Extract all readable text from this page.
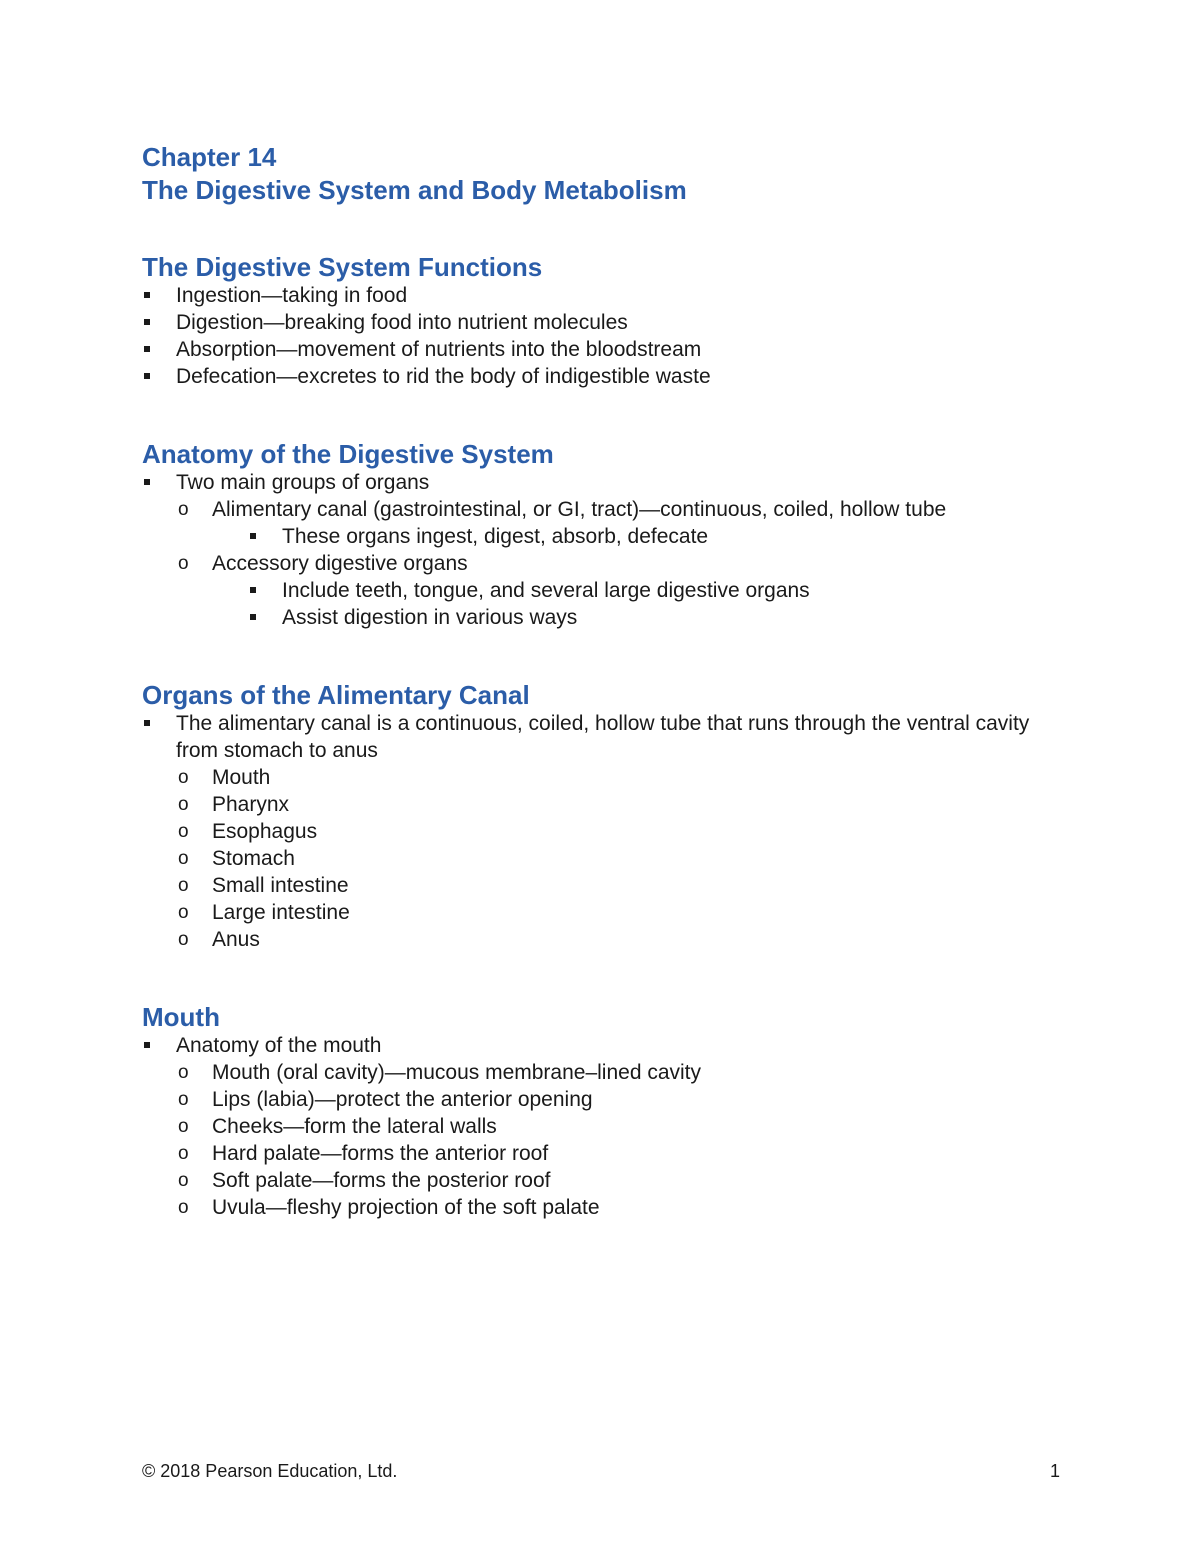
Chapter 14
The Digestive System and Body Metabolism
The Digestive System Functions
Ingestion—taking in food
Digestion—breaking food into nutrient molecules
Absorption—movement of nutrients into the bloodstream
Defecation—excretes to rid the body of indigestible waste
Anatomy of the Digestive System
Two main groups of organs
o Alimentary canal (gastrointestinal, or GI, tract)—continuous, coiled, hollow tube
These organs ingest, digest, absorb, defecate
o Accessory digestive organs
Include teeth, tongue, and several large digestive organs
Assist digestion in various ways
Organs of the Alimentary Canal
The alimentary canal is a continuous, coiled, hollow tube that runs through the ventral cavity from stomach to anus
o Mouth
o Pharynx
o Esophagus
o Stomach
o Small intestine
o Large intestine
o Anus
Mouth
Anatomy of the mouth
o Mouth (oral cavity)—mucous membrane–lined cavity
o Lips (labia)—protect the anterior opening
o Cheeks—form the lateral walls
o Hard palate—forms the anterior roof
o Soft palate—forms the posterior roof
o Uvula—fleshy projection of the soft palate
© 2018 Pearson Education, Ltd.	1
